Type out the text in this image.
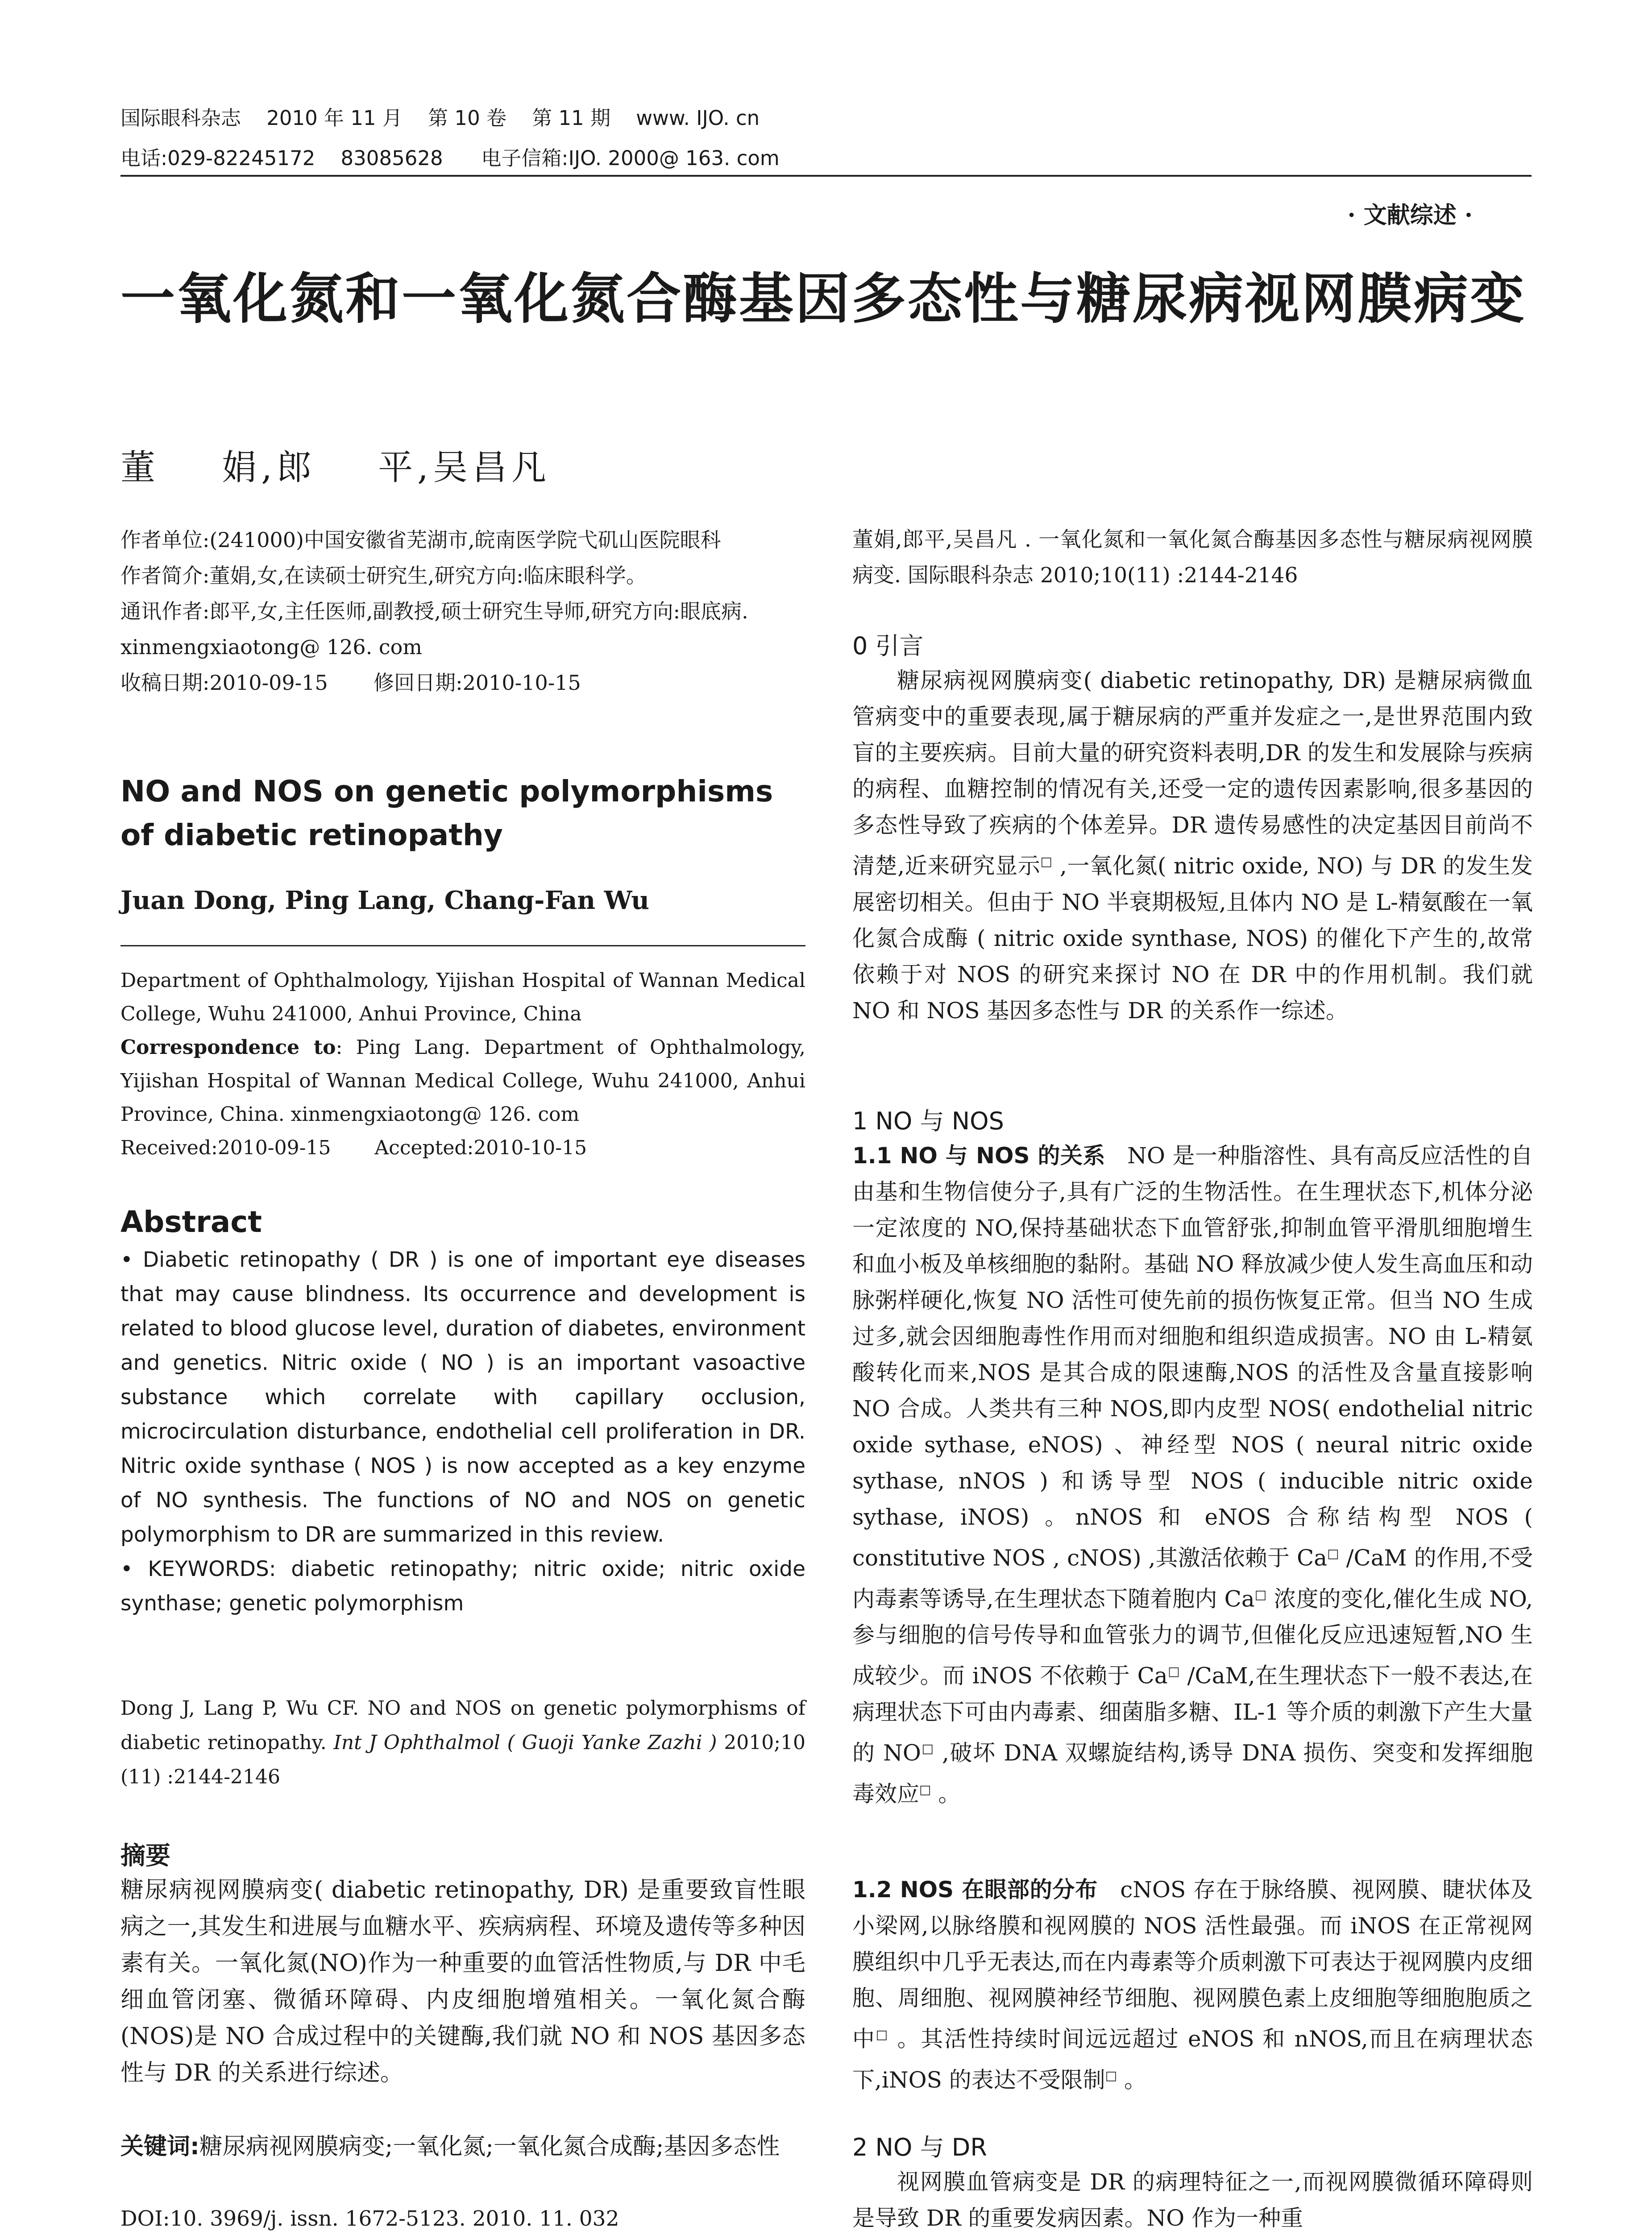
国际眼科杂志    2010 年 11 月    第 10 卷    第 11 期    www. IJO. cn
电话:029-82245172    83085628      电子信箱:IJO. 2000@ 163. com
· 文献综述 ·
一氧化氮和一氧化氮合酶基因多态性与糖尿病视网膜病变
董    娟,郎    平,吴昌凡
作者单位:(241000)中国安徽省芜湖市,皖南医学院弋矶山医院眼科
作者简介:董娟,女,在读硕士研究生,研究方向:临床眼科学。
通讯作者:郎平,女,主任医师,副教授,硕士研究生导师,研究方向:眼底病. xinmengxiaotong@ 126. com
收稿日期:2010-09-15       修回日期:2010-10-15
NO and NOS on genetic polymorphisms of diabetic retinopathy
Juan Dong, Ping Lang, Chang-Fan Wu
Department of Ophthalmology, Yijishan Hospital of Wannan Medical College, Wuhu 241000, Anhui Province, China
Correspondence to: Ping Lang. Department of Ophthalmology, Yijishan Hospital of Wannan Medical College, Wuhu 241000, Anhui Province, China. xinmengxiaotong@ 126. com
Received:2010-09-15       Accepted:2010-10-15
Abstract
• Diabetic retinopathy ( DR ) is one of important eye diseases that may cause blindness. Its occurrence and development is related to blood glucose level, duration of diabetes, environment and genetics. Nitric oxide ( NO ) is an important vasoactive substance which correlate with capillary occlusion, microcirculation disturbance, endothelial cell proliferation in DR. Nitric oxide synthase ( NOS ) is now accepted as a key enzyme of NO synthesis. The functions of NO and NOS on genetic polymorphism to DR are summarized in this review.
• KEYWORDS: diabetic retinopathy; nitric oxide; nitric oxide synthase; genetic polymorphism
Dong J, Lang P, Wu CF. NO and NOS on genetic polymorphisms of diabetic retinopathy. Int J Ophthalmol ( Guoji Yanke Zazhi ) 2010;10 (11) :2144-2146
摘要
糖尿病视网膜病变( diabetic retinopathy, DR) 是重要致盲性眼病之一,其发生和进展与血糖水平、疾病病程、环境及遗传等多种因素有关。一氧化氮(NO)作为一种重要的血管活性物质,与 DR 中毛细血管闭塞、微循环障碍、内皮细胞增殖相关。一氧化氮合酶(NOS)是 NO 合成过程中的关键酶,我们就 NO 和 NOS 基因多态性与 DR 的关系进行综述。
关键词:糖尿病视网膜病变;一氧化氮;一氧化氮合成酶;基因多态性
DOI:10. 3969/j. issn. 1672-5123. 2010. 11. 032
董娟,郎平,吴昌凡 . 一氧化氮和一氧化氮合酶基因多态性与糖尿病视网膜病变. 国际眼科杂志 2010;10(11) :2144-2146
0 引言
糖尿病视网膜病变( diabetic retinopathy, DR) 是糖尿病微血管病变中的重要表现,属于糖尿病的严重并发症之一,是世界范围内致盲的主要疾病。目前大量的研究资料表明,DR 的发生和发展除与疾病的病程、血糖控制的情况有关,还受一定的遗传因素影响,很多基因的多态性导致了疾病的个体差异。DR 遗传易感性的决定基因目前尚不清楚,近来研究显示□ ,一氧化氮( nitric oxide, NO) 与 DR 的发生发展密切相关。但由于 NO 半衰期极短,且体内 NO 是 L-精氨酸在一氧化氮合成酶 ( nitric oxide synthase, NOS) 的催化下产生的,故常依赖于对 NOS 的研究来探讨 NO 在 DR 中的作用机制。我们就 NO 和 NOS 基因多态性与 DR 的关系作一综述。
1 NO 与 NOS
1.1 NO 与 NOS 的关系 NO 是一种脂溶性、具有高反应活性的自由基和生物信使分子,具有广泛的生物活性。在生理状态下,机体分泌一定浓度的 NO,保持基础状态下血管舒张,抑制血管平滑肌细胞增生和血小板及单核细胞的黏附。基础 NO 释放减少使人发生高血压和动脉粥样硬化,恢复 NO 活性可使先前的损伤恢复正常。但当 NO 生成过多,就会因细胞毒性作用而对细胞和组织造成损害。NO 由 L-精氨酸转化而来,NOS 是其合成的限速酶,NOS 的活性及含量直接影响 NO 合成。人类共有三种 NOS,即内皮型 NOS( endothelial nitric oxide sythase, eNOS) 、神经型 NOS ( neural nitric oxide sythase, nNOS ) 和诱导型 NOS ( inducible nitric oxide sythase, iNOS) 。nNOS 和 eNOS 合称结构型 NOS ( constitutive NOS , cNOS) ,其激活依赖于 Ca□ /CaM 的作用,不受内毒素等诱导,在生理状态下随着胞内 Ca□ 浓度的变化,催化生成 NO,参与细胞的信号传导和血管张力的调节,但催化反应迅速短暂,NO 生成较少。而 iNOS 不依赖于 Ca□ /CaM,在生理状态下一般不表达,在病理状态下可由内毒素、细菌脂多糖、IL-1 等介质的刺激下产生大量的 NO□ ,破坏 DNA 双螺旋结构,诱导 DNA 损伤、突变和发挥细胞毒效应□ 。
1.2 NOS 在眼部的分布 cNOS 存在于脉络膜、视网膜、睫状体及小梁网,以脉络膜和视网膜的 NOS 活性最强。而 iNOS 在正常视网膜组织中几乎无表达,而在内毒素等介质刺激下可表达于视网膜内皮细胞、周细胞、视网膜神经节细胞、视网膜色素上皮细胞等细胞胞质之中□ 。其活性持续时间远远超过 eNOS 和 nNOS,而且在病理状态下,iNOS 的表达不受限制□ 。
2 NO 与 DR
视网膜血管病变是 DR 的病理特征之一,而视网膜微循环障碍则是导致 DR 的重要发病因素。NO 作为一种重
